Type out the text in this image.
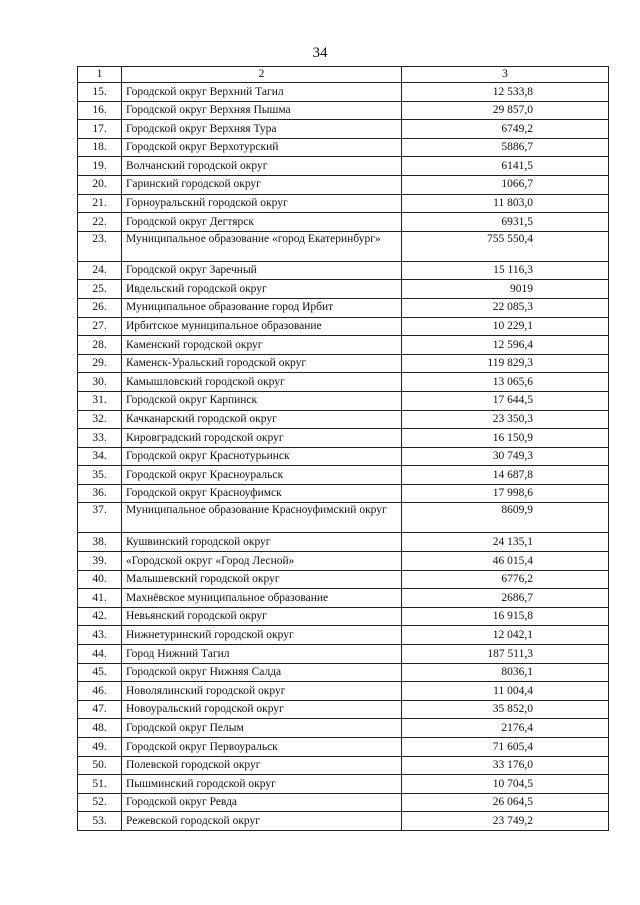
34
1	2	3
15.	Городской округ Верхний Тагил	12 533,8
16.	Городской округ Верхняя Пышма	29 857,0
17.	Городской округ Верхняя Тура	6749,2
18.	Городской округ Верхотурский	5886,7
19.	Волчанский городской округ	6141,5
20.	Гаринский городской округ	1066,7
21.	Горноуральский городской округ	11 803,0
22.	Городской округ Дегтярск	6931,5
23.	Муниципальное образование «город Екатеринбург»	755 550,4
24.	Городской округ Заречный	15 116,3
25.	Ивдельский городской округ	9019
26.	Муниципальное образование город Ирбит	22 085,3
27.	Ирбитское муниципальное образование	10 229,1
28.	Каменский городской округ	12 596,4
29.	Каменск-Уральский городской округ	119 829,3
30.	Камышловский городской округ	13 065,6
31.	Городской округ Карпинск	17 644,5
32.	Качканарский городской округ	23 350,3
33.	Кировградский городской округ	16 150,9
34.	Городской округ Краснотурьинск	30 749,3
35.	Городской округ Красноуральск	14 687,8
36.	Городской округ Красноуфимск	17 998,6
37.	Муниципальное образование Красноуфимский округ	8609,9
38.	Кушвинский городской округ	24 135,1
39.	«Городской округ «Город Лесной»	46 015,4
40.	Малышевский городской округ	6776,2
41.	Махнёвское муниципальное образование	2686,7
42.	Невьянский городской округ	16 915,8
43.	Нижнетуринский городской округ	12 042,1
44.	Город Нижний Тагил	187 511,3
45.	Городской округ Нижняя Салда	8036,1
46.	Новолялинский городской округ	11 004,4
47.	Новоуральский городской округ	35 852,0
48.	Городской округ Пелым	2176,4
49.	Городской округ Первоуральск	71 605,4
50.	Полевской городской округ	33 176,0
51.	Пышминский городской округ	10 704,5
52.	Городской округ Ревда	26 064,5
53.	Режевской городской округ	23 749,2
